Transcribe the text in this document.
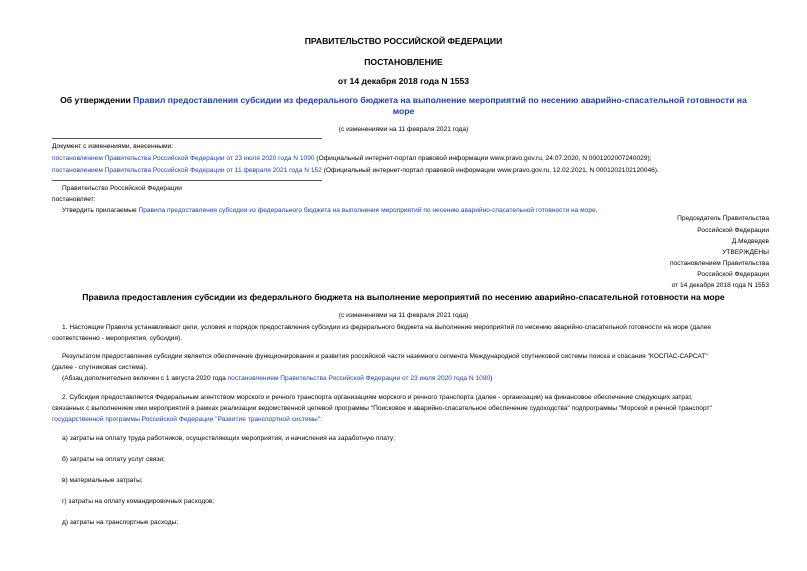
ПРАВИТЕЛЬСТВО РОССИЙСКОЙ ФЕДЕРАЦИИ
ПОСТАНОВЛЕНИЕ
от 14 декабря 2018 года N 1553
Об утверждении Правил предоставления субсидии из федерального бюджета на выполнение мероприятий по несению аварийно-спасательной готовности на
море
(с изменениями на 11 февраля 2021 года)
Документ с изменениями, внесенными:
постановлением Правительства Российской Федерации от 23 июля 2020 года N 1090 (Официальный интернет-портал правовой информации www.pravo.gov.ru, 24.07.2020, N 0001202007240029);
постановлением Правительства Российской Федерации от 11 февраля 2021 года N 152 (Официальный интернет-портал правовой информации www.pravo.gov.ru, 12.02.2021, N 0001202102120046).
Правительство Российской Федерации
постановляет:
Утвердить прилагаемые Правила предоставления субсидии из федерального бюджета на выполнение мероприятий по несению аварийно-спасательной готовности на море.
Председатель Правительства
Российской Федерации
Д.Медведев
УТВЕРЖДЕНЫ
постановлением Правительства
Российской Федерации
от 14 декабря 2018 года N 1553
Правила предоставления субсидии из федерального бюджета на выполнение мероприятий по несению аварийно-спасательной готовности на море
(с изменениями на 11 февраля 2021 года)
1. Настоящие Правила устанавливают цели, условия и порядок предоставления субсидии из федерального бюджета на выполнение мероприятий по несению аварийно-спасательной готовности на море (далее
соответственно - мероприятия, субсидия).
Результатом предоставления субсидии является обеспечение функционирования и развития российской части наземного сегмента Международной спутниковой системы поиска и спасания "КОСПАС-САРСАТ"
(далее - спутниковая система).
(Абзац дополнительно включен с 1 августа 2020 года постановлением Правительства Российской Федерации от 23 июля 2020 года N 1090)
2. Субсидия предоставляется Федеральным агентством морского и речного транспорта организациям морского и речного транспорта (далее - организации) на финансовое обеспечение следующих затрат,
связанных с выполнением ими мероприятий в рамках реализации ведомственной целевой программы "Поисковое и аварийно-спасательное обеспечение судоходства" подпрограммы "Морской и речной транспорт"
государственной программы Российской Федерации "Развитие транспортной системы":
а) затраты на оплату труда работников, осуществляющих мероприятия, и начисления на заработную плату;
б) затраты на оплату услуг связи;
в) материальные затраты;
г) затраты на оплату командировочных расходов;
д) затраты на транспортные расходы;
